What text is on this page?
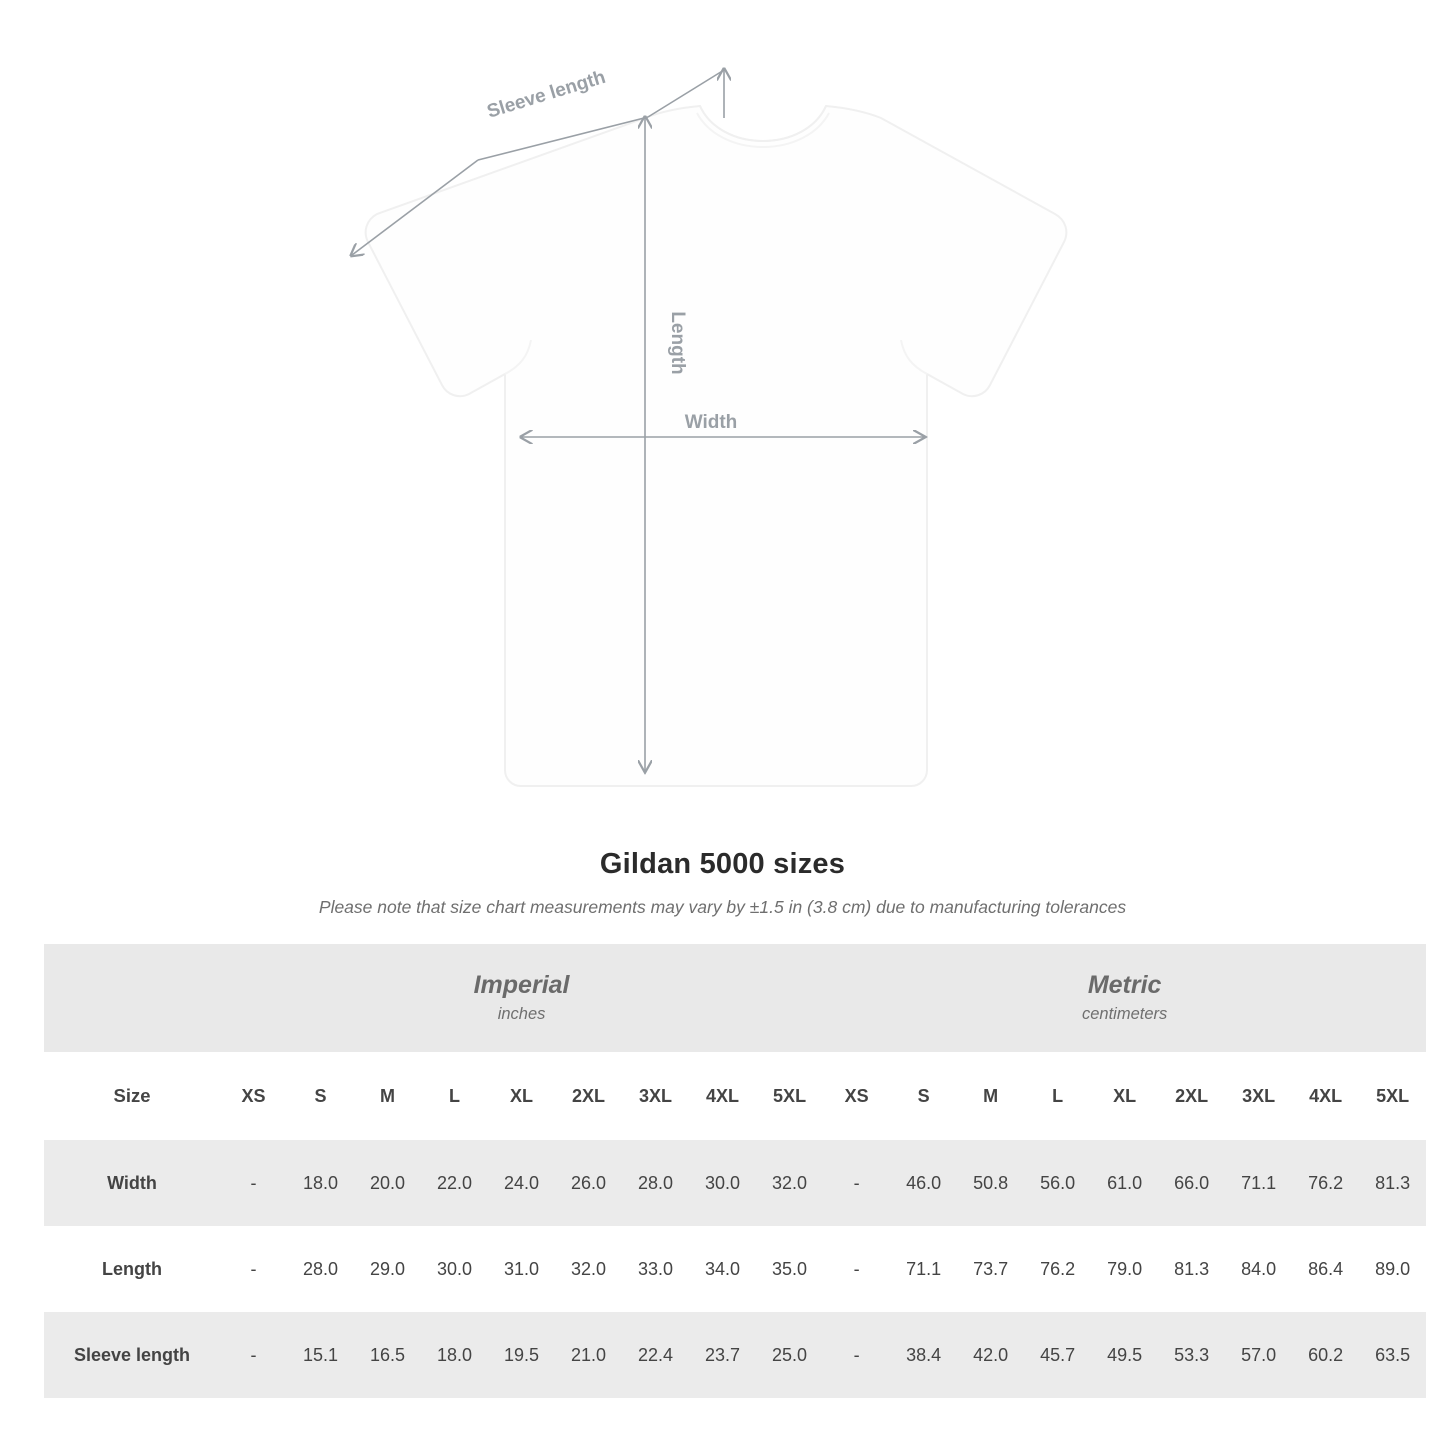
Sleeve length
Length
Width
Gildan 5000 sizes

Please note that size chart measurements may vary by ±1.5 in (3.8 cm) due to manufacturing tolerances

Imperial
inches

Metric
centimeters

Size	XS	S	M	L	XL	2XL	3XL	4XL	5XL	XS	S	M	L	XL	2XL	3XL	4XL	5XL
Width	-	18.0	20.0	22.0	24.0	26.0	28.0	30.0	32.0	-	46.0	50.8	56.0	61.0	66.0	71.1	76.2	81.3
Length	-	28.0	29.0	30.0	31.0	32.0	33.0	34.0	35.0	-	71.1	73.7	76.2	79.0	81.3	84.0	86.4	89.0
Sleeve length	-	15.1	16.5	18.0	19.5	21.0	22.4	23.7	25.0	-	38.4	42.0	45.7	49.5	53.3	57.0	60.2	63.5
